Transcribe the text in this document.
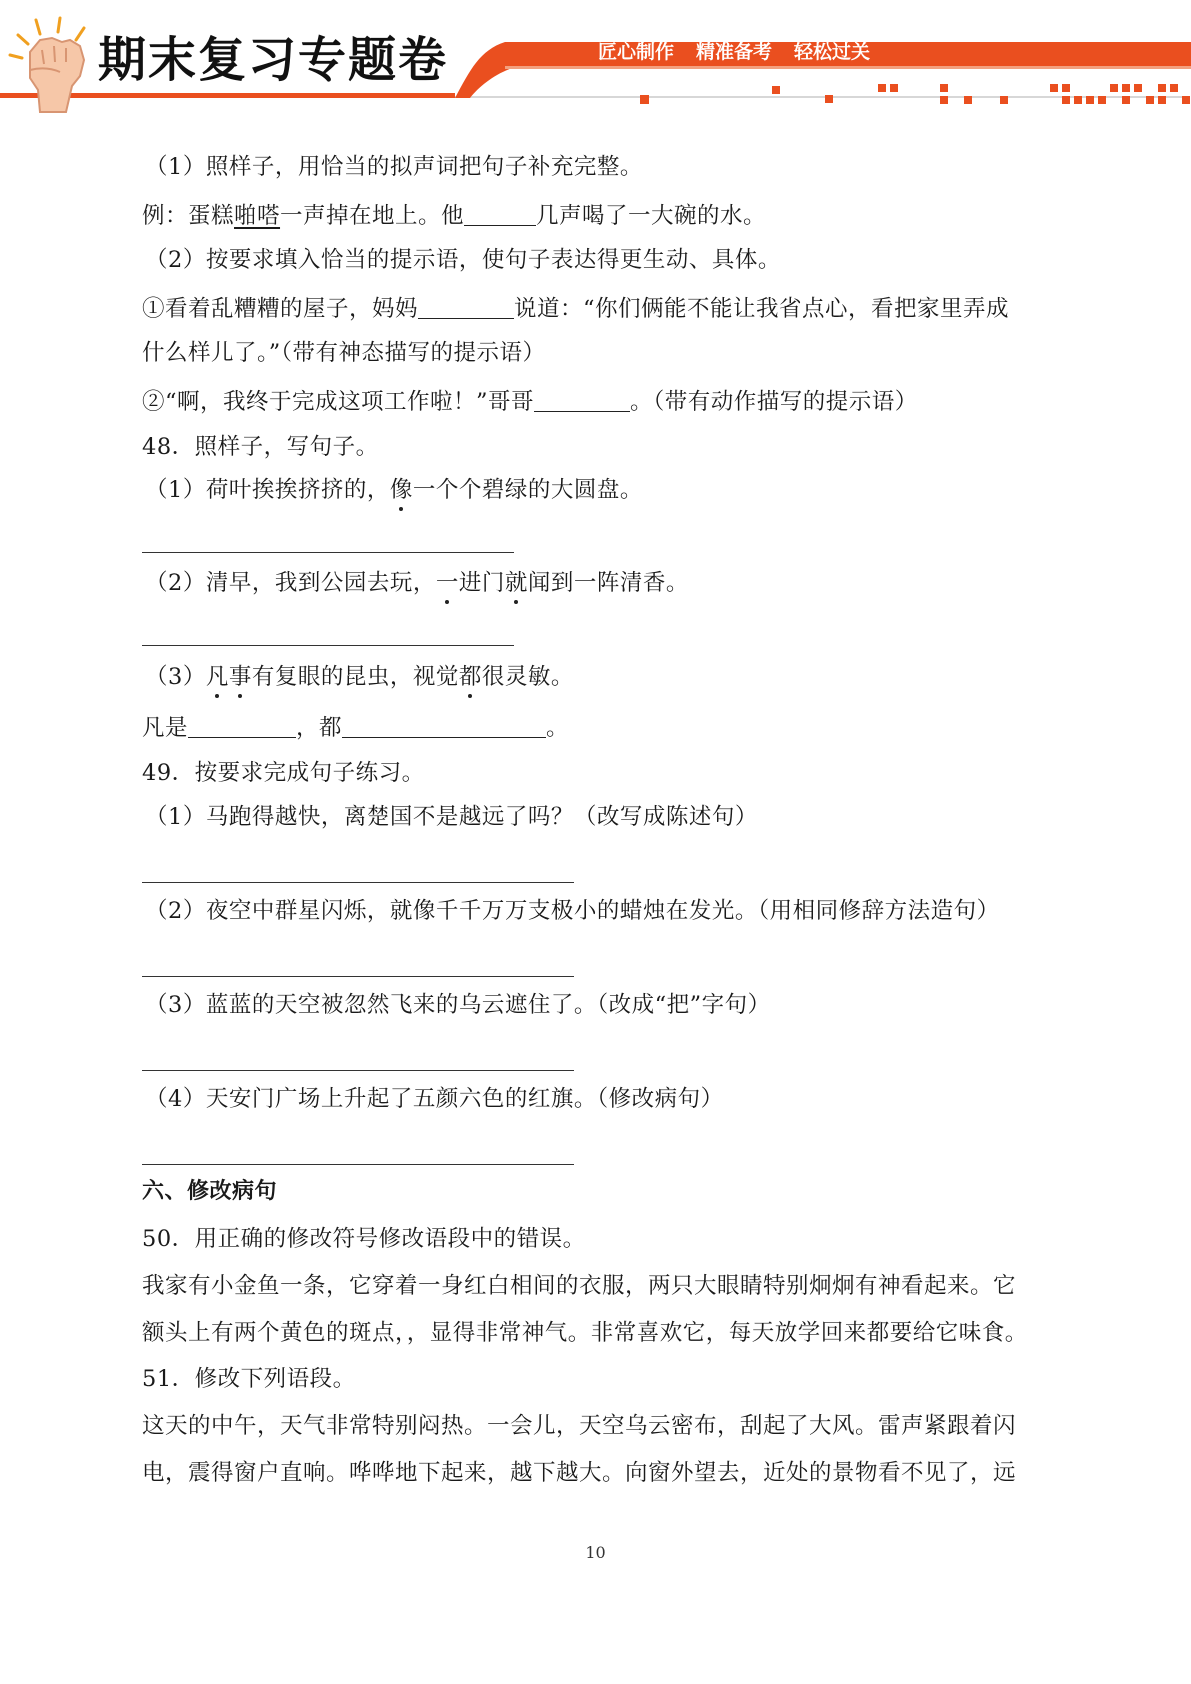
期末复习专题卷	匠心制作 精准备考 轻松过关
（1）照样子，用恰当的拟声词把句子补充完整。
例：蛋糕啪嗒一声掉在地上。他	几声喝了一大碗的水。
（2）按要求填入恰当的提示语，使句子表达得更生动、具体。
①看着乱糟糟的屋子，妈妈	说道：“你们俩能不能让我省点心，看把家里弄成
什么样儿了。”（带有神态描写的提示语）
②“啊，我终于完成这项工作啦！”哥哥	。（带有动作描写的提示语）
48．照样子，写句子。
（1）荷叶挨挨挤挤的，像一个个碧绿的大圆盘。
（2）清早，我到公园去玩，一进门就闻到一阵清香。
（3）凡事有复眼的昆虫，视觉都很灵敏。
凡是	，都	。
49．按要求完成句子练习。
（1）马跑得越快，离楚国不是越远了吗？（改写成陈述句）
（2）夜空中群星闪烁，就像千千万万支极小的蜡烛在发光。（用相同修辞方法造句）
（3）蓝蓝的天空被忽然飞来的乌云遮住了。（改成“把”字句）
（4）天安门广场上升起了五颜六色的红旗。（修改病句）
六、修改病句
50．用正确的修改符号修改语段中的错误。
我家有小金鱼一条，它穿着一身红白相间的衣服，两只大眼睛特别炯炯有神看起来。它
额头上有两个黄色的斑点，，显得非常神气。非常喜欢它，每天放学回来都要给它味食。
51．修改下列语段。
这天的中午，天气非常特别闷热。一会儿，天空乌云密布，刮起了大风。雷声紧跟着闪
电，震得窗户直响。哗哗地下起来，越下越大。向窗外望去，近处的景物看不见了，远
10
